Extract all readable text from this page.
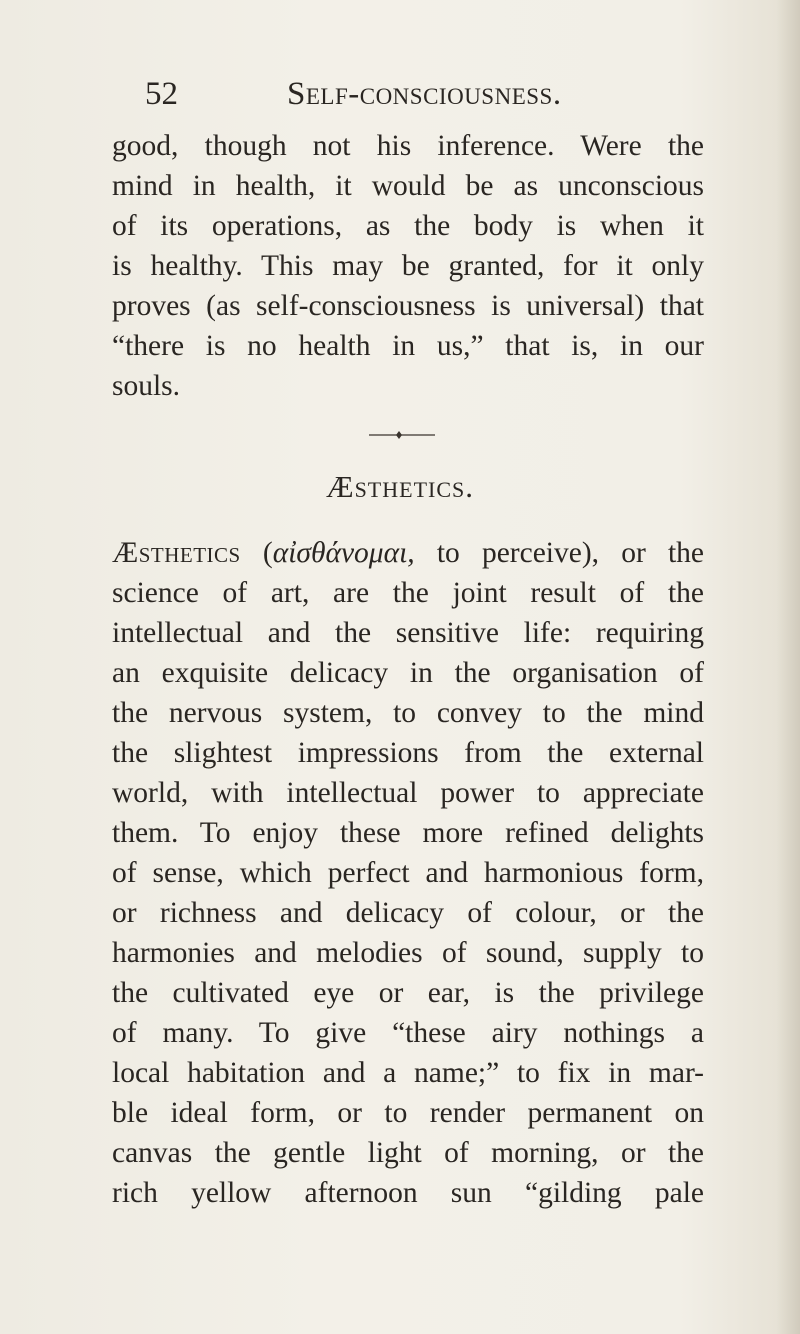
52	Self-consciousness.
good, though not his inference. Were the
mind in health, it would be as unconscious
of its operations, as the body is when it
is healthy. This may be granted, for it only
proves (as self-consciousness is universal) that
“there is no health in us,” that is, in our
souls.
Æsthetics.
Æsthetics (αἰσθάνομαι, to perceive), or the
science of art, are the joint result of the
intellectual and the sensitive life: requiring
an exquisite delicacy in the organisation of
the nervous system, to convey to the mind
the slightest impressions from the external
world, with intellectual power to appreciate
them. To enjoy these more refined delights
of sense, which perfect and harmonious form,
or richness and delicacy of colour, or the
harmonies and melodies of sound, supply to
the cultivated eye or ear, is the privilege
of many. To give “these airy nothings a
local habitation and a name;” to fix in mar-
ble ideal form, or to render permanent on
canvas the gentle light of morning, or the
rich yellow afternoon sun “gilding pale
